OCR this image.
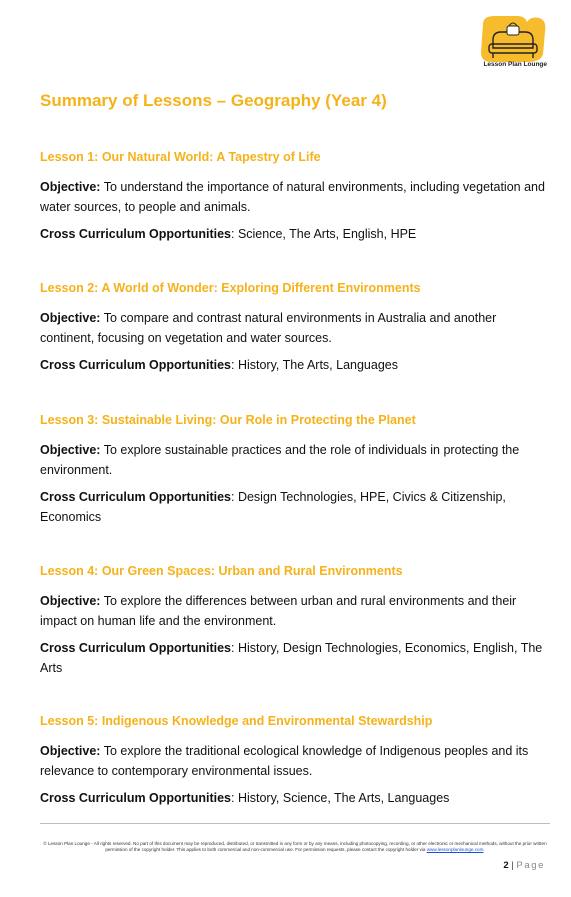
Lesson Plan Lounge
Summary of Lessons – Geography (Year 4)
Lesson 1: Our Natural World: A Tapestry of Life

Objective: To understand the importance of natural environments, including vegetation and water sources, to people and animals.

Cross Curriculum Opportunities: Science, The Arts, English, HPE

Lesson 2: A World of Wonder: Exploring Different Environments

Objective: To compare and contrast natural environments in Australia and another continent, focusing on vegetation and water sources.

Cross Curriculum Opportunities: History, The Arts, Languages

Lesson 3: Sustainable Living: Our Role in Protecting the Planet

Objective: To explore sustainable practices and the role of individuals in protecting the environment.

Cross Curriculum Opportunities: Design Technologies, HPE, Civics & Citizenship, Economics

Lesson 4: Our Green Spaces: Urban and Rural Environments

Objective: To explore the differences between urban and rural environments and their impact on human life and the environment.

Cross Curriculum Opportunities: History, Design Technologies, Economics, English, The Arts

Lesson 5: Indigenous Knowledge and Environmental Stewardship

Objective: To explore the traditional ecological knowledge of Indigenous peoples and its relevance to contemporary environmental issues.

Cross Curriculum Opportunities: History, Science, The Arts, Languages

© Lesson Plan Lounge - All rights reserved. No part of this document may be reproduced, distributed, or transmitted in any form or by any means, including photocopying, recording, or other electronic or mechanical methods, without the prior written permission of the copyright holder. This applies to both commercial and non-commercial use. For permission requests, please contact the copyright holder via www.lessonplanlounge.com.
2 | Page
